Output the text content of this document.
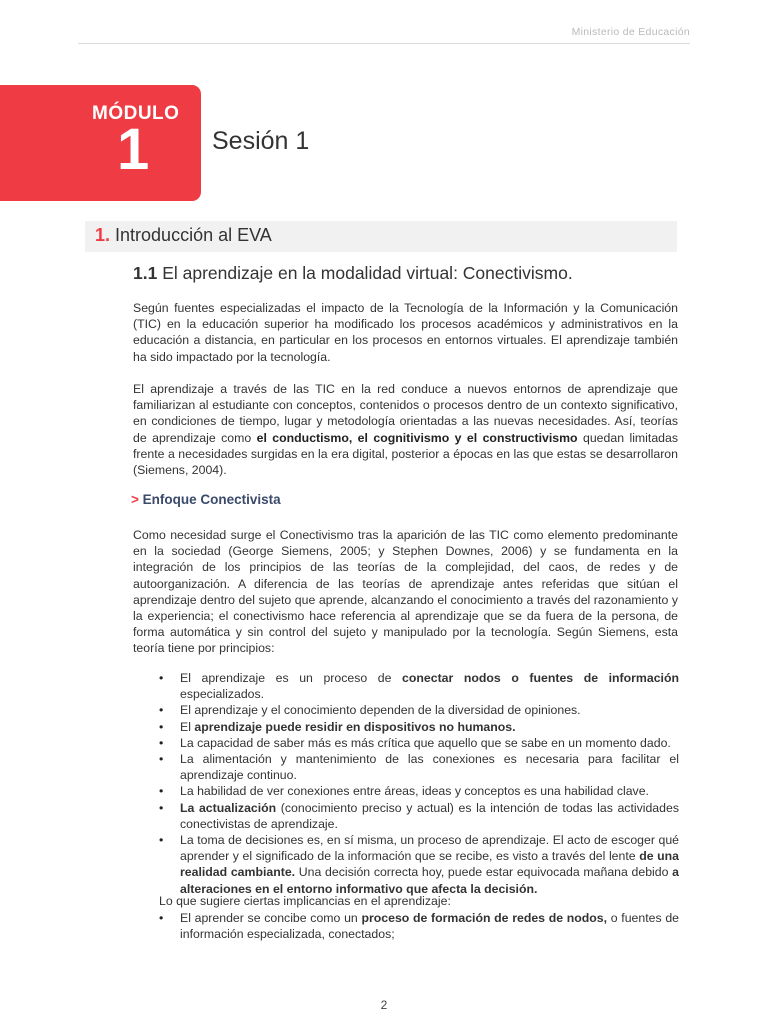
Ministerio de Educación
MÓDULO
1	Sesión 1
1. Introducción al EVA
1.1 El aprendizaje en la modalidad virtual: Conectivismo.
Según fuentes especializadas el impacto de la Tecnología de la Información y la Comunicación (TIC) en la educación superior ha modificado los procesos académicos y administrativos en la educación a distancia, en particular en los procesos en entornos virtuales. El aprendizaje también ha sido impactado por la tecnología.
El aprendizaje a través de las TIC en la red conduce a nuevos entornos de aprendizaje que familiarizan al estudiante con conceptos, contenidos o procesos dentro de un contexto significativo, en condiciones de tiempo, lugar y metodología orientadas a las nuevas necesidades. Así, teorías de aprendizaje como el conductismo, el cognitivismo y el constructivismo quedan limitadas frente a necesidades surgidas en la era digital, posterior a épocas en las que estas se desarrollaron (Siemens, 2004).
> Enfoque Conectivista
Como necesidad surge el Conectivismo tras la aparición de las TIC como elemento predominante en la sociedad (George Siemens, 2005; y Stephen Downes, 2006) y se fundamenta en la integración de los principios de las teorías de la complejidad, del caos, de redes y de autoorganización. A diferencia de las teorías de aprendizaje antes referidas que sitúan el aprendizaje dentro del sujeto que aprende, alcanzando el conocimiento a través del razonamiento y la experiencia; el conectivismo hace referencia al aprendizaje que se da fuera de la persona, de forma automática y sin control del sujeto y manipulado por la tecnología. Según Siemens, esta teoría tiene por principios:
• El aprendizaje es un proceso de conectar nodos o fuentes de información especializados.
• El aprendizaje y el conocimiento dependen de la diversidad de opiniones.
• El aprendizaje puede residir en dispositivos no humanos.
• La capacidad de saber más es más crítica que aquello que se sabe en un momento dado.
• La alimentación y mantenimiento de las conexiones es necesaria para facilitar el aprendizaje continuo.
• La habilidad de ver conexiones entre áreas, ideas y conceptos es una habilidad clave.
• La actualización (conocimiento preciso y actual) es la intención de todas las actividades conectivistas de aprendizaje.
• La toma de decisiones es, en sí misma, un proceso de aprendizaje. El acto de escoger qué aprender y el significado de la información que se recibe, es visto a través del lente de una realidad cambiante. Una decisión correcta hoy, puede estar equivocada mañana debido a alteraciones en el entorno informativo que afecta la decisión.
Lo que sugiere ciertas implicancias en el aprendizaje:
• El aprender se concibe como un proceso de formación de redes de nodos, o fuentes de información especializada, conectados;
2
